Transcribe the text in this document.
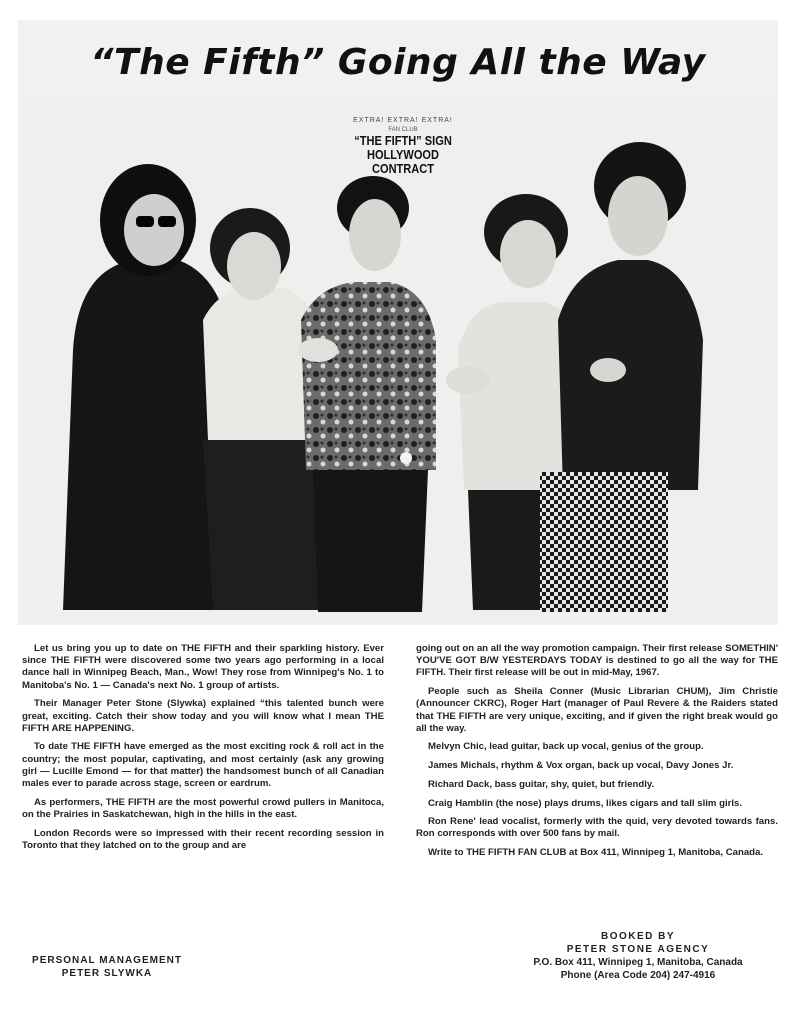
“The Fifth” Going All the Way
EXTRA! EXTRA! EXTRA!
FAN CLUB
“THE FIFTH” SIGN
HOLLYWOOD CONTRACT

Let us bring you up to date on THE FIFTH and their sparkling history. Ever since THE FIFTH were discovered some two years ago performing in a local dance hall in Winnipeg Beach, Man., Wow! They rose from Winnipeg's No. 1 to Manitoba's No. 1 — Canada's next No. 1 group of artists.

Their Manager Peter Stone (Slywka) explained “this talented bunch were great, exciting. Catch their show today and you will know what I mean THE FIFTH ARE HAPPENING.

To date THE FIFTH have emerged as the most exciting rock & roll act in the country; the most popular, captivating, and most certainly (ask any growing girl — Lucille Emond — for that matter) the handsomest bunch of all Canadian males ever to parade across stage, screen or eardrum.

As performers, THE FIFTH are the most powerful crowd pullers in Manitoca, on the Prairies in Saskatchewan, high in the hills in the east.

London Records were so impressed with their recent recording session in Toronto that they latched on to the group and are

going out on an all the way promotion campaign. Their first release SOMETHIN' YOU'VE GOT B/W YESTERDAYS TODAY is destined to go all the way for THE FIFTH. Their first release will be out in mid-May, 1967.

People such as Sheila Conner (Music Librarian CHUM), Jim Christie (Announcer CKRC), Roger Hart (manager of Paul Revere & the Raiders stated that THE FIFTH are very unique, exciting, and if given the right break would go all the way.

Melvyn Chic, lead guitar, back up vocal, genius of the group.

James Michals, rhythm & Vox organ, back up vocal, Davy Jones Jr.

Richard Dack, bass guitar, shy, quiet, but friendly.

Craig Hamblin (the nose) plays drums, likes cigars and tall slim girls.

Ron Rene' lead vocalist, formerly with the quid, very devoted towards fans. Ron corresponds with over 500 fans by mail.

Write to THE FIFTH FAN CLUB at Box 411, Winnipeg 1, Manitoba, Canada.

PERSONAL MANAGEMENT
PETER SLYWKA
BOOKED BY
PETER STONE AGENCY
P.O. Box 411, Winnipeg 1, Manitoba, Canada
Phone (Area Code 204) 247-4916
